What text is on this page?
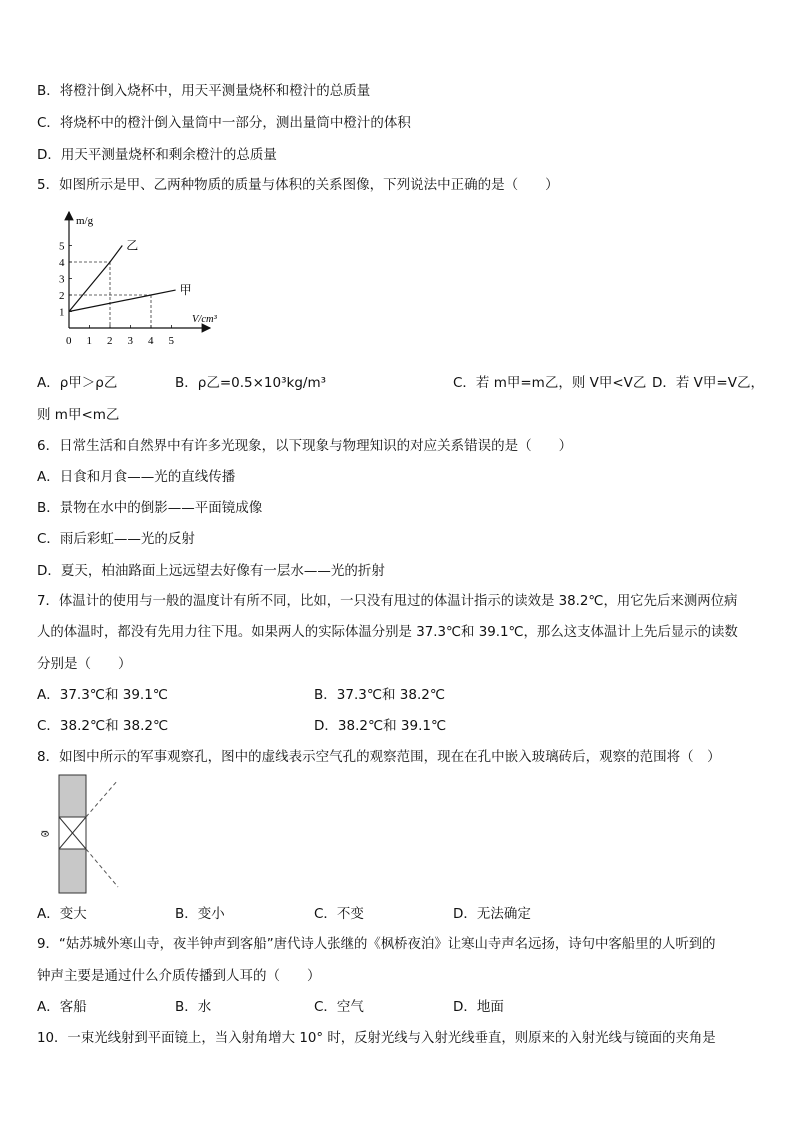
B．将橙汁倒入烧杯中，用天平测量烧杯和橙汁的总质量
C．将烧杯中的橙汁倒入量筒中一部分，测出量筒中橙汁的体积
D．用天平测量烧杯和剩余橙汁的总质量
5．如图所示是甲、乙两种物质的质量与体积的关系图像，下列说法中正确的是（　　）
乙
甲
0 1 2 3 4 5
1
2
3
4
5
m/g
V/cm³
A．ρ甲＞ρ乙	B．ρ乙=0.5×10³kg/m³	C．若 m甲=m乙，则 V甲<V乙 D．若 V甲=V乙，
则 m甲<m乙
6．日常生活和自然界中有许多光现象，以下现象与物理知识的对应关系错误的是（　　）
A．日食和月食——光的直线传播
B．景物在水中的倒影——平面镜成像
C．雨后彩虹——光的反射
D．夏天，柏油路面上远远望去好像有一层水——光的折射
7．体温计的使用与一般的温度计有所不同，比如，一只没有甩过的体温计指示的读效是 38.2℃，用它先后来测两位病
人的体温时，都没有先用力往下甩。如果两人的实际体温分别是 37.3℃和 39.1℃，那么这支体温计上先后显示的读数
分别是（　　）
A．37.3℃和 39.1℃	B．37.3℃和 38.2℃
C．38.2℃和 38.2℃	D．38.2℃和 39.1℃
8．如图中所示的军事观察孔，图中的虚线表示空气孔的观察范围，现在在孔中嵌入玻璃砖后，观察的范围将（　）
A．变大	B．变小	C．不变	D．无法确定
9．“姑苏城外寒山寺，夜半钟声到客船”唐代诗人张继的《枫桥夜泊》让寒山寺声名远扬，诗句中客船里的人听到的
钟声主要是通过什么介质传播到人耳的（　　）
A．客船	B．水	C．空气	D．地面
10．一束光线射到平面镜上，当入射角增大 10° 时，反射光线与入射光线垂直，则原来的入射光线与镜面的夹角是
